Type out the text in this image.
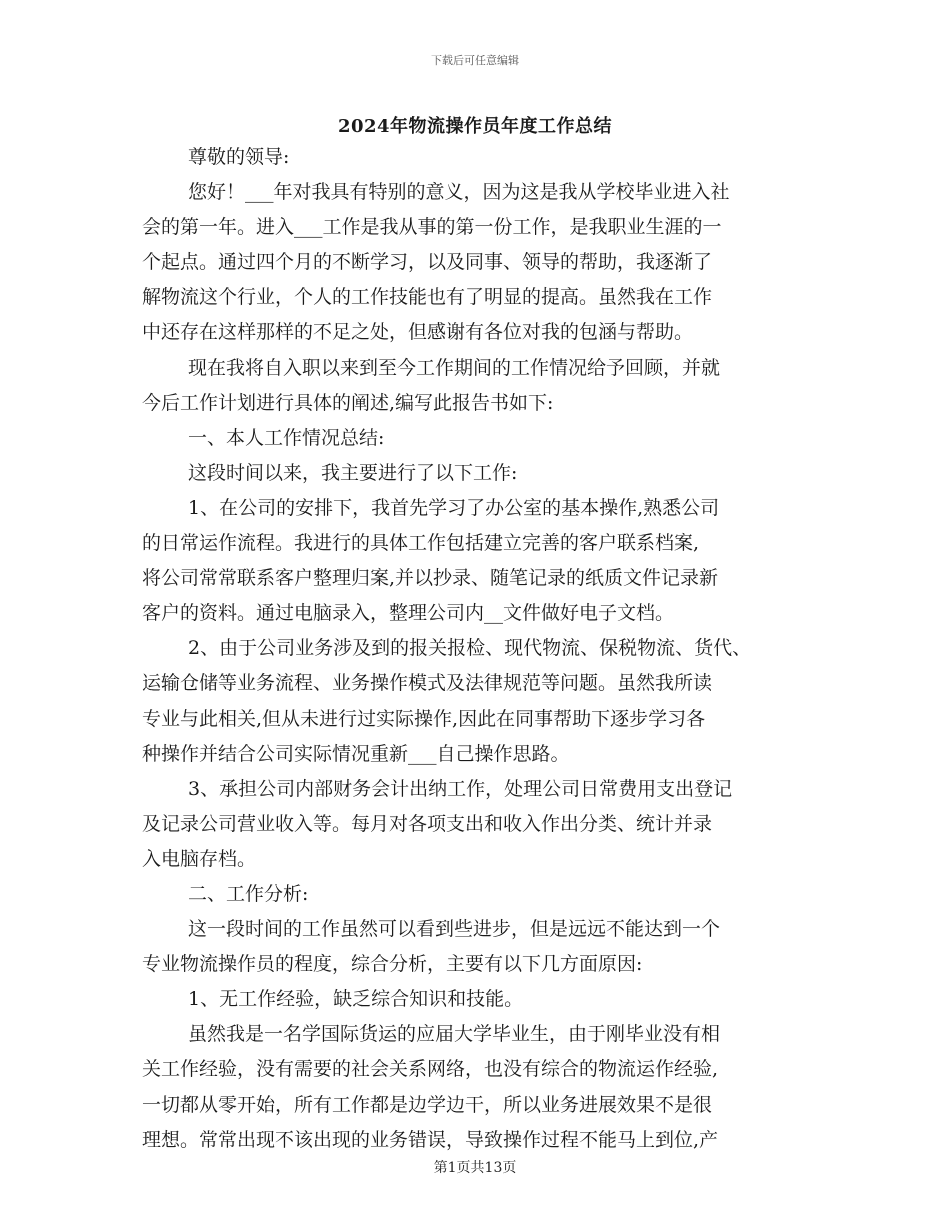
下载后可任意编辑
2024年物流操作员年度工作总结
尊敬的领导:
您好！___年对我具有特别的意义，因为这是我从学校毕业进入社
会的第一年。进入___工作是我从事的第一份工作，是我职业生涯的一
个起点。通过四个月的不断学习，以及同事、领导的帮助，我逐渐了
解物流这个行业，个人的工作技能也有了明显的提高。虽然我在工作
中还存在这样那样的不足之处，但感谢有各位对我的包涵与帮助。
现在我将自入职以来到至今工作期间的工作情况给予回顾，并就
今后工作计划进行具体的阐述,编写此报告书如下:
一、本人工作情况总结:
这段时间以来，我主要进行了以下工作:
1、在公司的安排下，我首先学习了办公室的基本操作,熟悉公司
的日常运作流程。我进行的具体工作包括建立完善的客户联系档案,
将公司常常联系客户整理归案,并以抄录、随笔记录的纸质文件记录新
客户的资料。通过电脑录入，整理公司内__文件做好电子文档。
2、由于公司业务涉及到的报关报检、现代物流、保税物流、货代、
运输仓储等业务流程、业务操作模式及法律规范等问题。虽然我所读
专业与此相关,但从未进行过实际操作,因此在同事帮助下逐步学习各
种操作并结合公司实际情况重新___自己操作思路。
3、承担公司内部财务会计出纳工作，处理公司日常费用支出登记
及记录公司营业收入等。每月对各项支出和收入作出分类、统计并录
入电脑存档。
二、工作分析:
这一段时间的工作虽然可以看到些进步，但是远远不能达到一个
专业物流操作员的程度，综合分析，主要有以下几方面原因:
1、无工作经验，缺乏综合知识和技能。
虽然我是一名学国际货运的应届大学毕业生，由于刚毕业没有相
关工作经验，没有需要的社会关系网络，也没有综合的物流运作经验,
一切都从零开始，所有工作都是边学边干，所以业务进展效果不是很
理想。常常出现不该出现的业务错误，导致操作过程不能马上到位,产
第1页共13页
